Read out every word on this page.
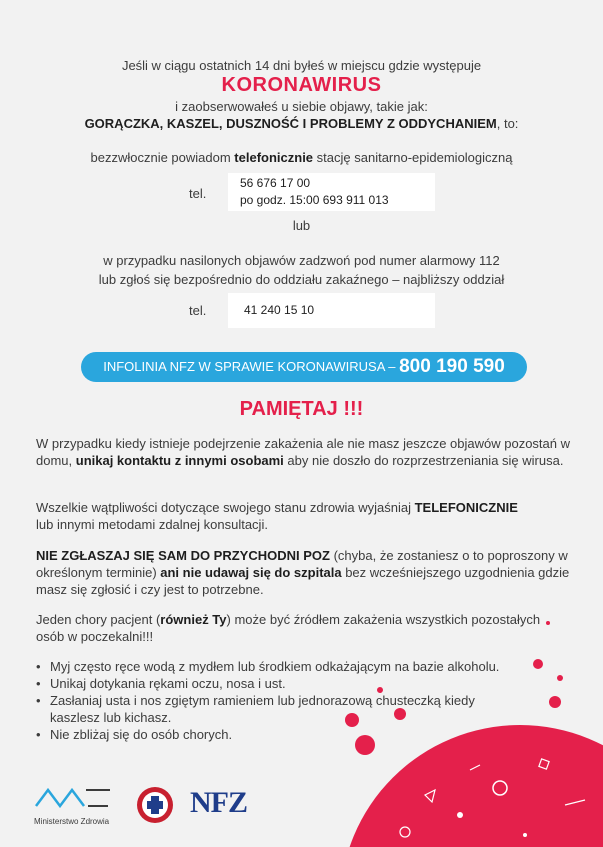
Jeśli w ciągu ostatnich 14 dni byłeś w miejscu gdzie występuje
KORONAWIRUS
i zaobserwowałeś u siebie objawy, takie jak:
GORĄCZKA, KASZEL, DUSZNOŚĆ I PROBLEMY Z ODDYCHANIEM, to:
bezzwłocznie powiadom telefonicznie stację sanitarno-epidemiologiczną
tel.
56 676 17 00
po godz. 15:00 693 911 013
lub
w przypadku nasilonych objawów zadzwoń pod numer alarmowy 112
lub zgłoś się bezpośrednio do oddziału zakaźnego – najbliższy oddział
tel.	41 240 15 10
INFOLINIA NFZ W SPRAWIE KORONAWIRUSA – 800 190 590
PAMIĘTAJ !!!
W przypadku kiedy istnieje podejrzenie zakażenia ale nie masz jeszcze objawów pozostań w domu, unikaj kontaktu z innymi osobami aby nie doszło do rozprzestrzeniania się wirusa.
Wszelkie wątpliwości dotyczące swojego stanu zdrowia wyjaśniaj TELEFONICZNIE
lub innymi metodami zdalnej konsultacji.
NIE ZGŁASZAJ SIĘ SAM DO PRZYCHODNI POZ (chyba, że zostaniesz o to poproszony w określonym terminie) ani nie udawaj się do szpitala bez wcześniejszego uzgodnienia gdzie masz się zgłosić i czy jest to potrzebne.
Jeden chory pacjent (również Ty) może być źródłem zakażenia wszystkich pozostałych osób w poczekalni!!!
• Myj często ręce wodą z mydłem lub środkiem odkażającym na bazie alkoholu.
• Unikaj dotykania rękami oczu, nosa i ust.
• Zasłaniaj usta i nos zgiętym ramieniem lub jednorazową chusteczką kiedy kaszlesz lub kichasz.
• Nie zbliżaj się do osób chorych.
Ministerstwo Zdrowia
NFZ
